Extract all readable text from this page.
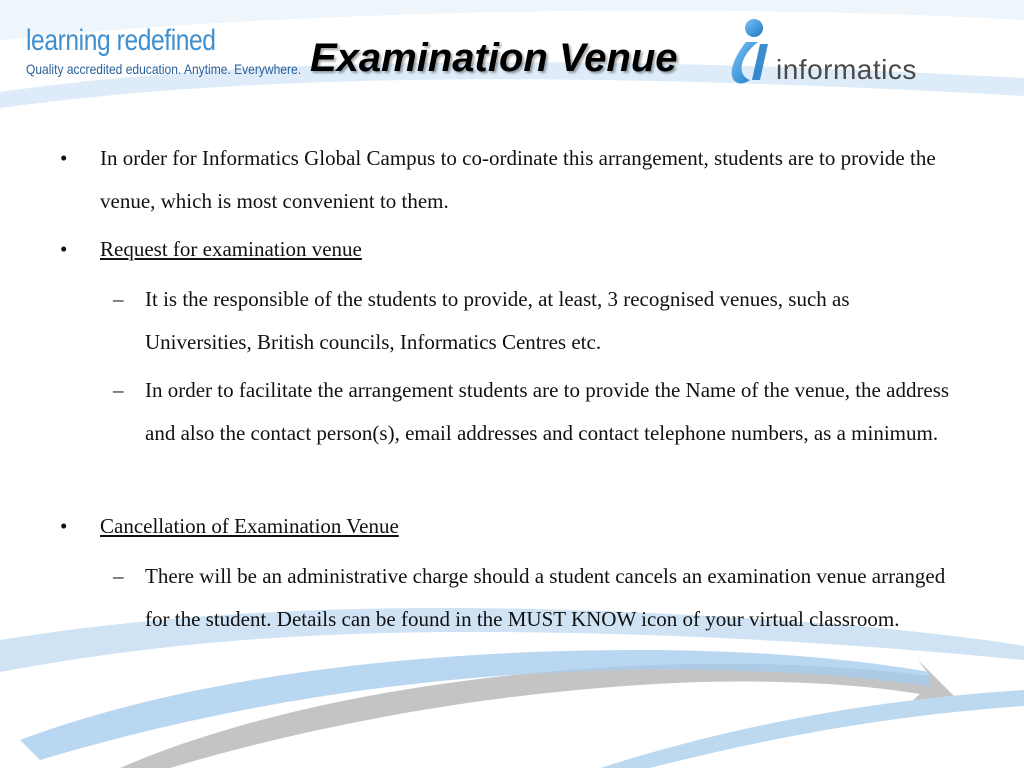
learning redefined
Quality accredited education. Anytime. Everywhere. Examination Venue	informatics
• In order for Informatics Global Campus to co-ordinate this arrangement, students are to provide the venue, which is most convenient to them.
• Request for examination venue
– It is the responsible of the students to provide, at least, 3 recognised venues, such as Universities, British councils, Informatics Centres etc.
– In order to facilitate the arrangement students are to provide the Name of the venue, the address and also the contact person(s), email addresses and contact telephone numbers, as a minimum.
• Cancellation of Examination Venue
– There will be an administrative charge should a student cancels an examination venue arranged for the student. Details can be found in the MUST KNOW icon of your virtual classroom.
